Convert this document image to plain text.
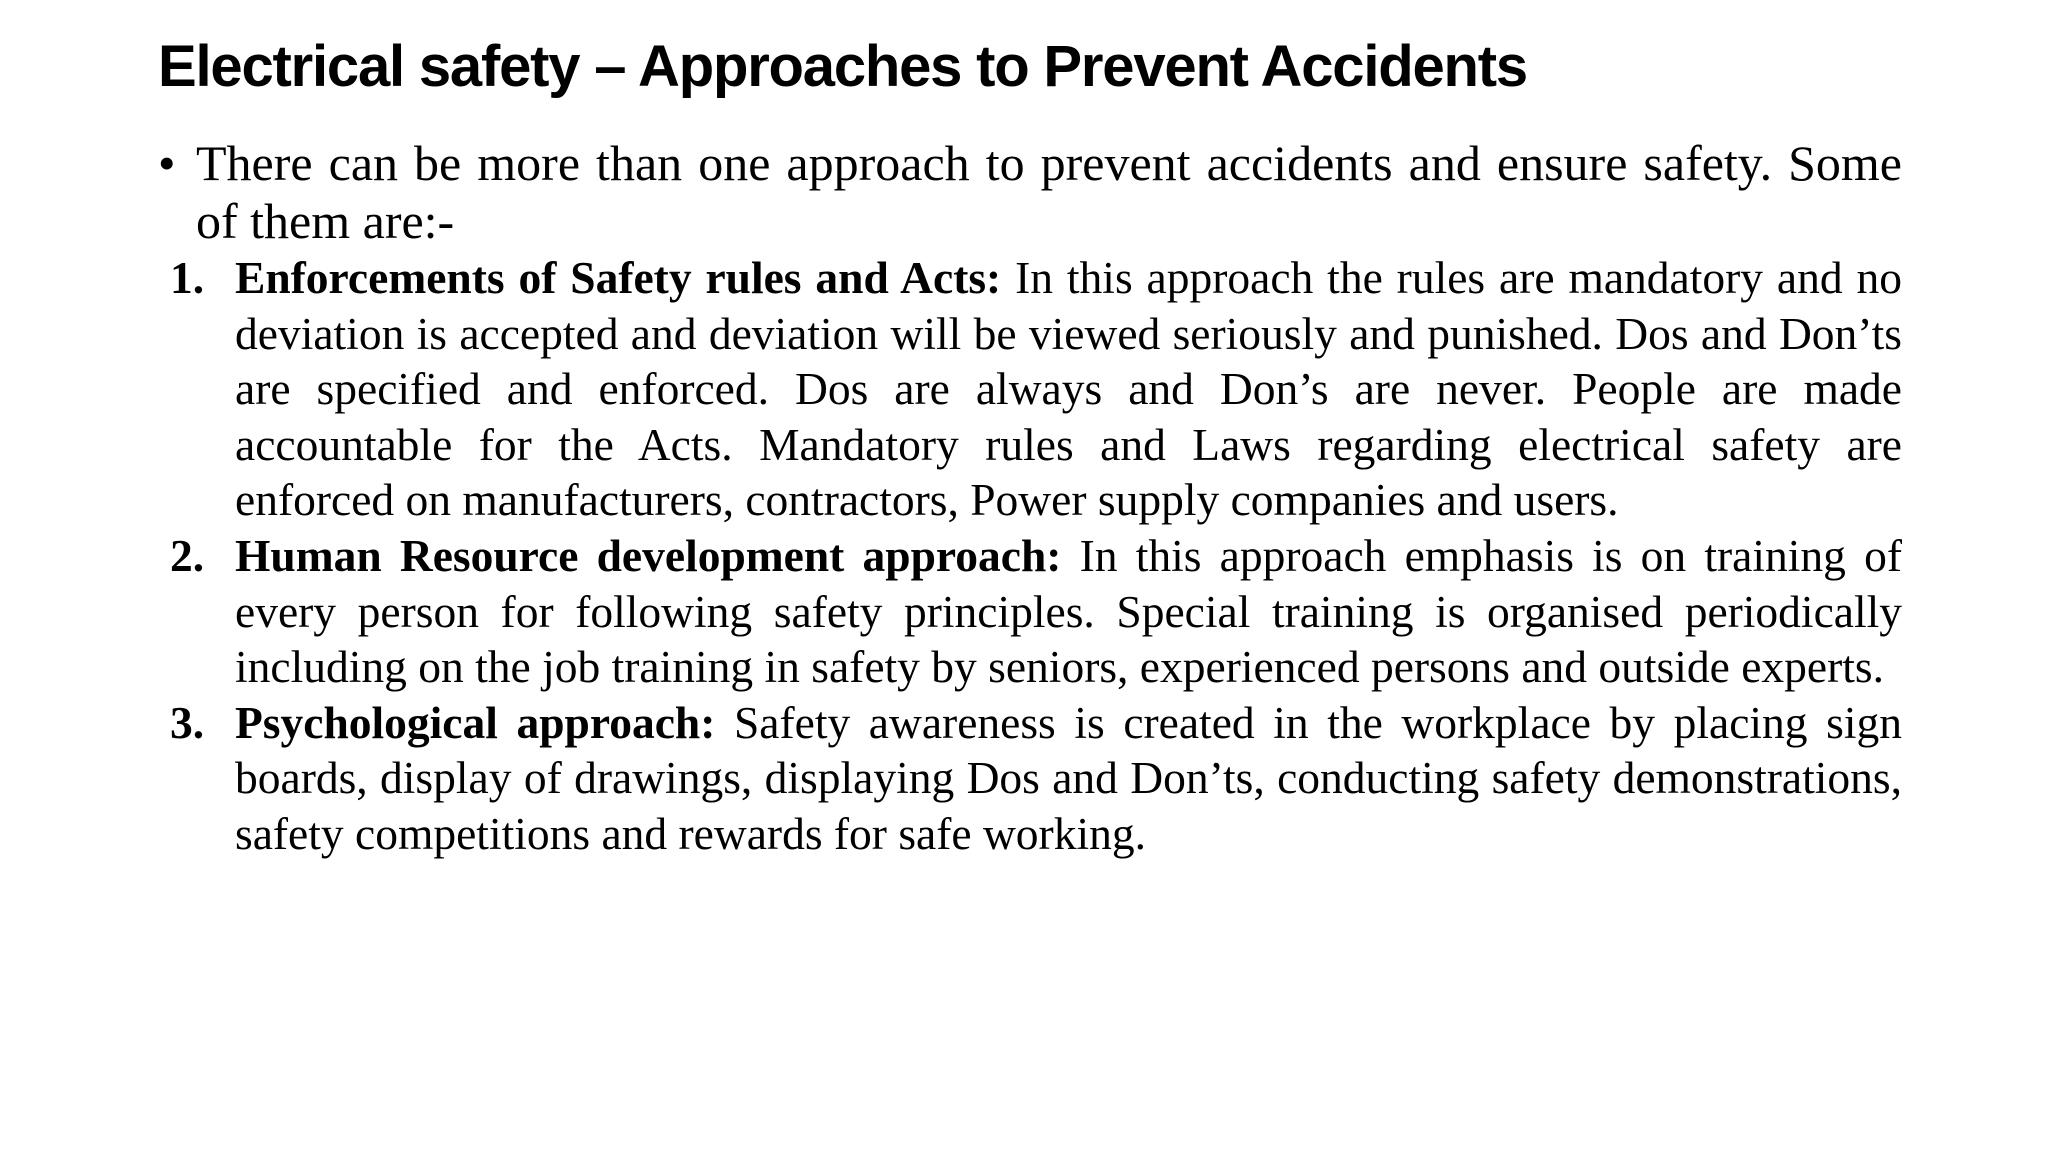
Electrical safety – Approaches to Prevent Accidents
• There can be more than one approach to prevent accidents and ensure safety. Some of them are:-
1. Enforcements of Safety rules and Acts: In this approach the rules are mandatory and no deviation is accepted and deviation will be viewed seriously and punished. Dos and Don’ts are specified and enforced. Dos are always and Don’s are never. People are made accountable for the Acts. Mandatory rules and Laws regarding electrical safety are enforced on manufacturers, contractors, Power supply companies and users.
2. Human Resource development approach: In this approach emphasis is on training of every person for following safety principles. Special training is organised periodically including on the job training in safety by seniors, experienced persons and outside experts.
3. Psychological approach: Safety awareness is created in the workplace by placing sign boards, display of drawings, displaying Dos and Don’ts, conducting safety demonstrations, safety competitions and rewards for safe working.
